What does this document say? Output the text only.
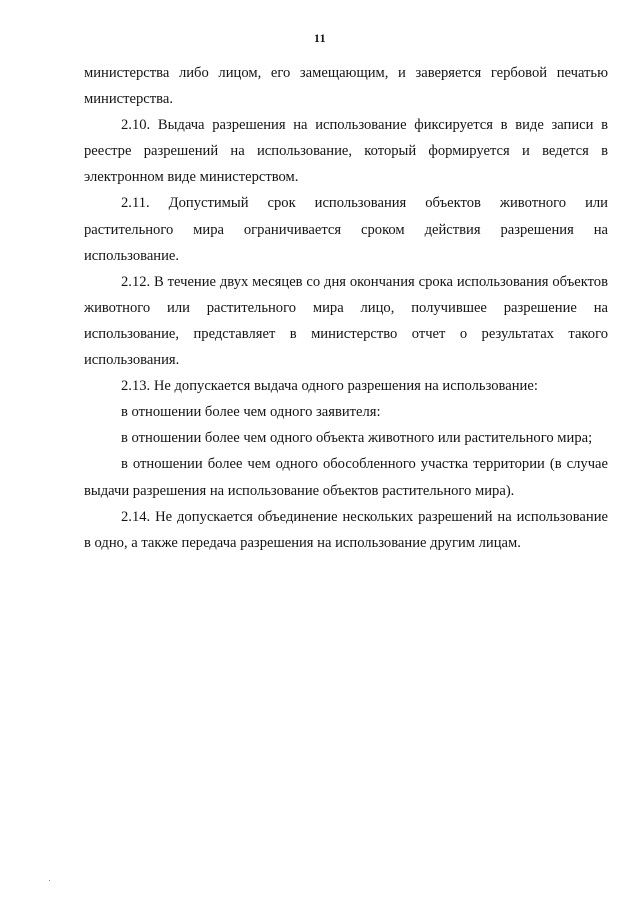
11

министерства либо лицом, его замещающим, и заверяется гербовой печатью министерства.

2.10. Выдача разрешения на использование фиксируется в виде записи в реестре разрешений на использование, который формируется и ведется в электронном виде министерством.

2.11. Допустимый срок использования объектов животного или растительного мира ограничивается сроком действия разрешения на использование.

2.12. В течение двух месяцев со дня окончания срока использования объектов животного или растительного мира лицо, получившее разрешение на использование, представляет в министерство отчет о результатах такого использования.

2.13. Не допускается выдача одного разрешения на использование:

в отношении более чем одного заявителя:

в отношении более чем одного объекта животного или растительного мира;

в отношении более чем одного обособленного участка территории (в случае выдачи разрешения на использование объектов растительного мира).

2.14. Не допускается объединение нескольких разрешений на использование в одно, а также передача разрешения на использование другим лицам.
